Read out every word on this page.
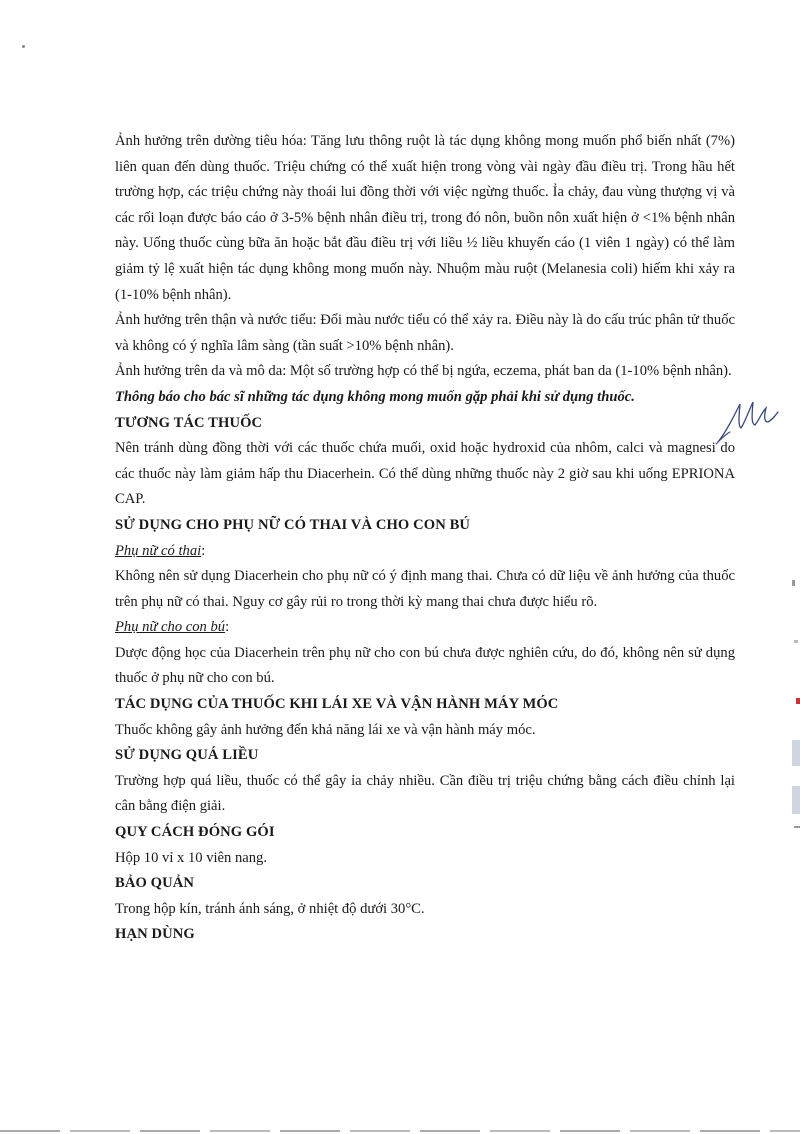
Ảnh hưởng trên dường tiêu hóa: Tăng lưu thông ruột là tác dụng không mong muốn phổ biến nhất (7%) liên quan đến dùng thuốc. Triệu chứng có thể xuất hiện trong vòng vài ngày đầu điều trị. Trong hầu hết trường hợp, các triệu chứng này thoái lui đồng thời với việc ngừng thuốc. Ỉa chảy, đau vùng thượng vị và các rối loạn được báo cáo ở 3-5% bệnh nhân điều trị, trong đó nôn, buồn nôn xuất hiện ở <1% bệnh nhân này. Uống thuốc cùng bữa ăn hoặc bắt đầu điều trị với liều ½ liều khuyến cáo (1 viên 1 ngày) có thể làm giảm tỷ lệ xuất hiện tác dụng không mong muốn này. Nhuộm màu ruột (Melanesia coli) hiếm khi xảy ra (1-10% bệnh nhân).

Ảnh hưởng trên thận và nước tiểu: Đổi màu nước tiểu có thể xảy ra. Điều này là do cấu trúc phân tử thuốc và không có ý nghĩa lâm sàng (tần suất >10% bệnh nhân).

Ảnh hưởng trên da và mô da: Một số trường hợp có thể bị ngứa, eczema, phát ban da (1-10% bệnh nhân).

Thông báo cho bác sĩ những tác dụng không mong muốn gặp phải khi sử dụng thuốc.

TƯƠNG TÁC THUỐC

Nên tránh dùng đồng thời với các thuốc chứa muối, oxid hoặc hydroxid của nhôm, calci và magnesi do các thuốc này làm giảm hấp thu Diacerhein. Có thể dùng những thuốc này 2 giờ sau khi uống EPRIONA CAP.

SỬ DỤNG CHO PHỤ NỮ CÓ THAI VÀ CHO CON BÚ

Phụ nữ có thai:

Không nên sử dụng Diacerhein cho phụ nữ có ý định mang thai. Chưa có dữ liệu về ảnh hưởng của thuốc trên phụ nữ có thai. Nguy cơ gây rủi ro trong thời kỳ mang thai chưa được hiểu rõ.

Phụ nữ cho con bú:

Dược động học của Diacerhein trên phụ nữ cho con bú chưa được nghiên cứu, do đó, không nên sử dụng thuốc ở phụ nữ cho con bú.

TÁC DỤNG CỦA THUỐC KHI LÁI XE VÀ VẬN HÀNH MÁY MÓC

Thuốc không gây ảnh hưởng đến khả năng lái xe và vận hành máy móc.

SỬ DỤNG QUÁ LIỀU

Trường hợp quá liều, thuốc có thể gây ỉa chảy nhiều. Cần điều trị triệu chứng bằng cách điều chỉnh lại cân bằng điện giải.

QUY CÁCH ĐÓNG GÓI

Hộp 10 vỉ x 10 viên nang.

BẢO QUẢN

Trong hộp kín, tránh ánh sáng, ở nhiệt độ dưới 30°C.

HẠN DÙNG
